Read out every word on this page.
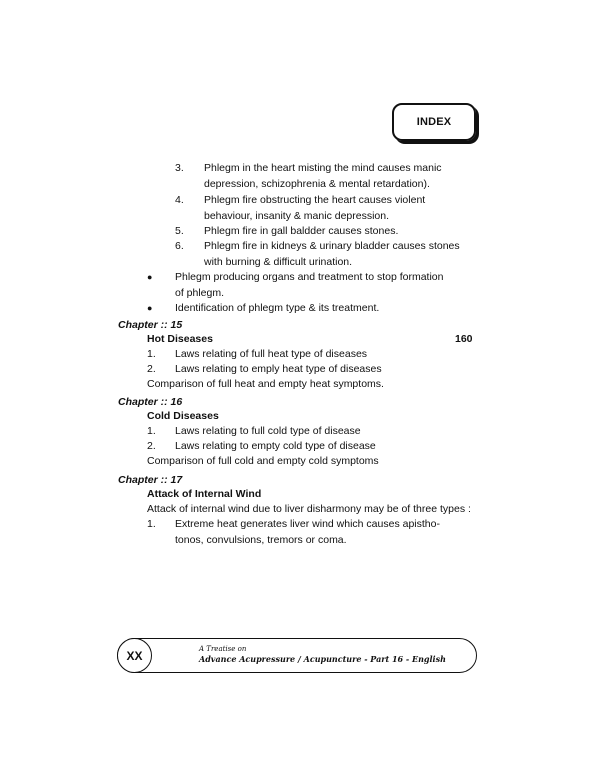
INDEX
3. Phlegm in the heart misting the mind causes manic
depression, schizophrenia & mental retardation).
4. Phlegm fire obstructing the heart causes violent
behaviour, insanity & manic depression.
5. Phlegm fire in gall baldder causes stones.
6. Phlegm fire in kidneys & urinary bladder causes stones
with burning & difficult urination.
● Phlegm producing organs and treatment to stop formation
of phlegm.
● Identification of phlegm type & its treatment.
Chapter :: 15
Hot Diseases	160
1. Laws relating of full heat type of diseases
2. Laws relating to emply heat type of diseases
Comparison of full heat and empty heat symptoms.
Chapter :: 16
Cold Diseases
1. Laws relating to full cold type of disease
2. Laws relating to empty cold type of disease
Comparison of full cold and empty cold symptoms
Chapter :: 17
Attack of Internal Wind
Attack of internal wind due to liver disharmony may be of three types :
1. Extreme heat generates liver wind which causes apistho-
tonos, convulsions, tremors or coma.
XX	A Treatise on
Advance Acupressure / Acupuncture - Part 16 - English
